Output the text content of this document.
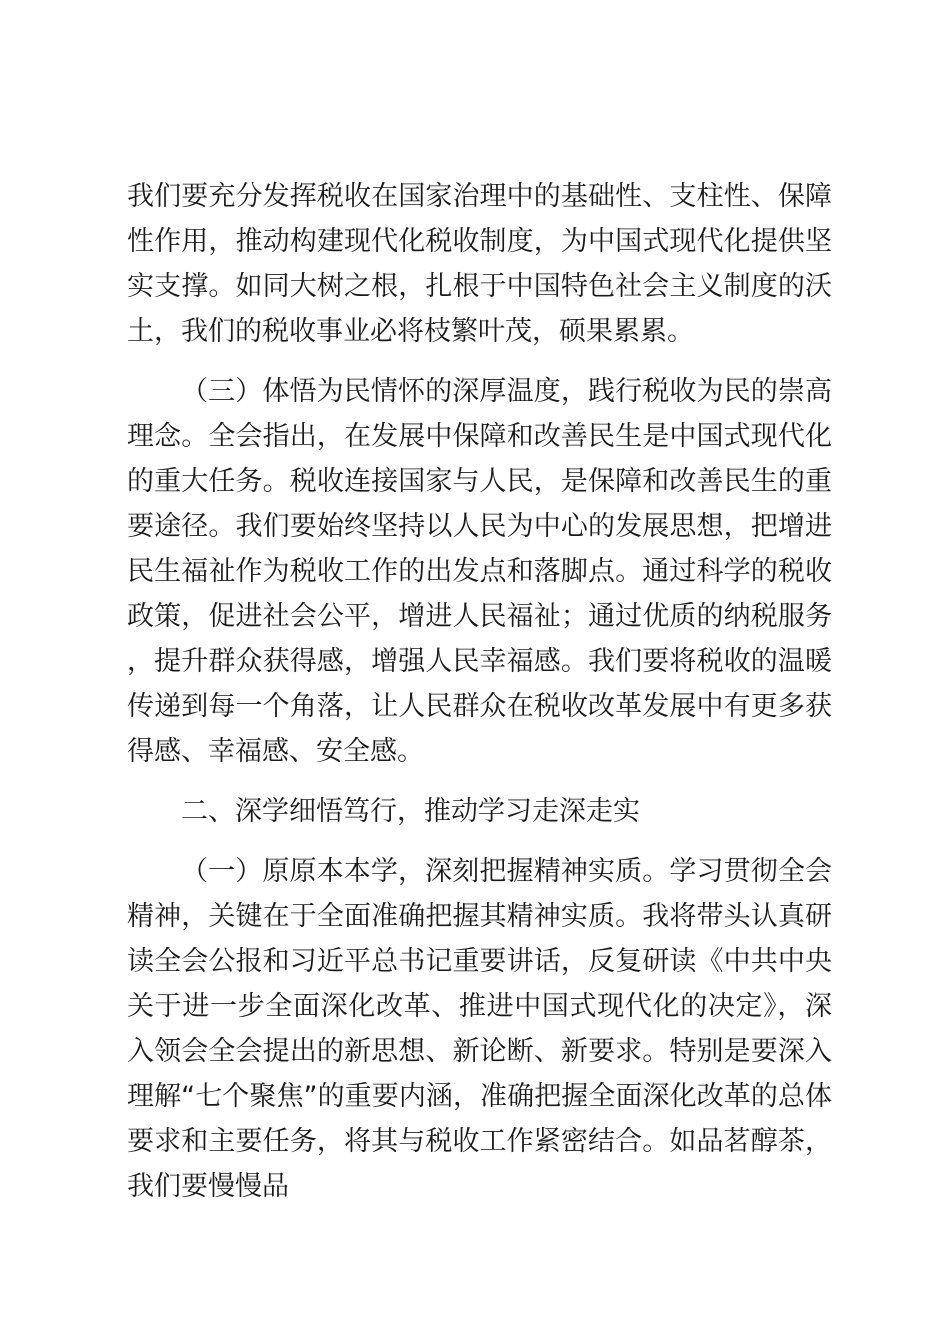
我们要充分发挥税收在国家治理中的基础性、支柱性、保障性作用，推动构建现代化税收制度，为中国式现代化提供坚实支撑。如同大树之根，扎根于中国特色社会主义制度的沃土，我们的税收事业必将枝繁叶茂，硕果累累。

（三）体悟为民情怀的深厚温度，践行税收为民的崇高理念。全会指出，在发展中保障和改善民生是中国式现代化的重大任务。税收连接国家与人民，是保障和改善民生的重要途径。我们要始终坚持以人民为中心的发展思想，把增进民生福祉作为税收工作的出发点和落脚点。通过科学的税收政策，促进社会公平，增进人民福祉；通过优质的纳税服务，提升群众获得感，增强人民幸福感。我们要将税收的温暖传递到每一个角落，让人民群众在税收改革发展中有更多获得感、幸福感、安全感。

二、深学细悟笃行，推动学习走深走实

（一）原原本本学，深刻把握精神实质。学习贯彻全会精神，关键在于全面准确把握其精神实质。我将带头认真研读全会公报和习近平总书记重要讲话，反复研读《中共中央关于进一步全面深化改革、推进中国式现代化的决定》，深入领会全会提出的新思想、新论断、新要求。特别是要深入理解“七个聚焦”的重要内涵，准确把握全面深化改革的总体要求和主要任务，将其与税收工作紧密结合。如品茗醇茶，我们要慢慢品
